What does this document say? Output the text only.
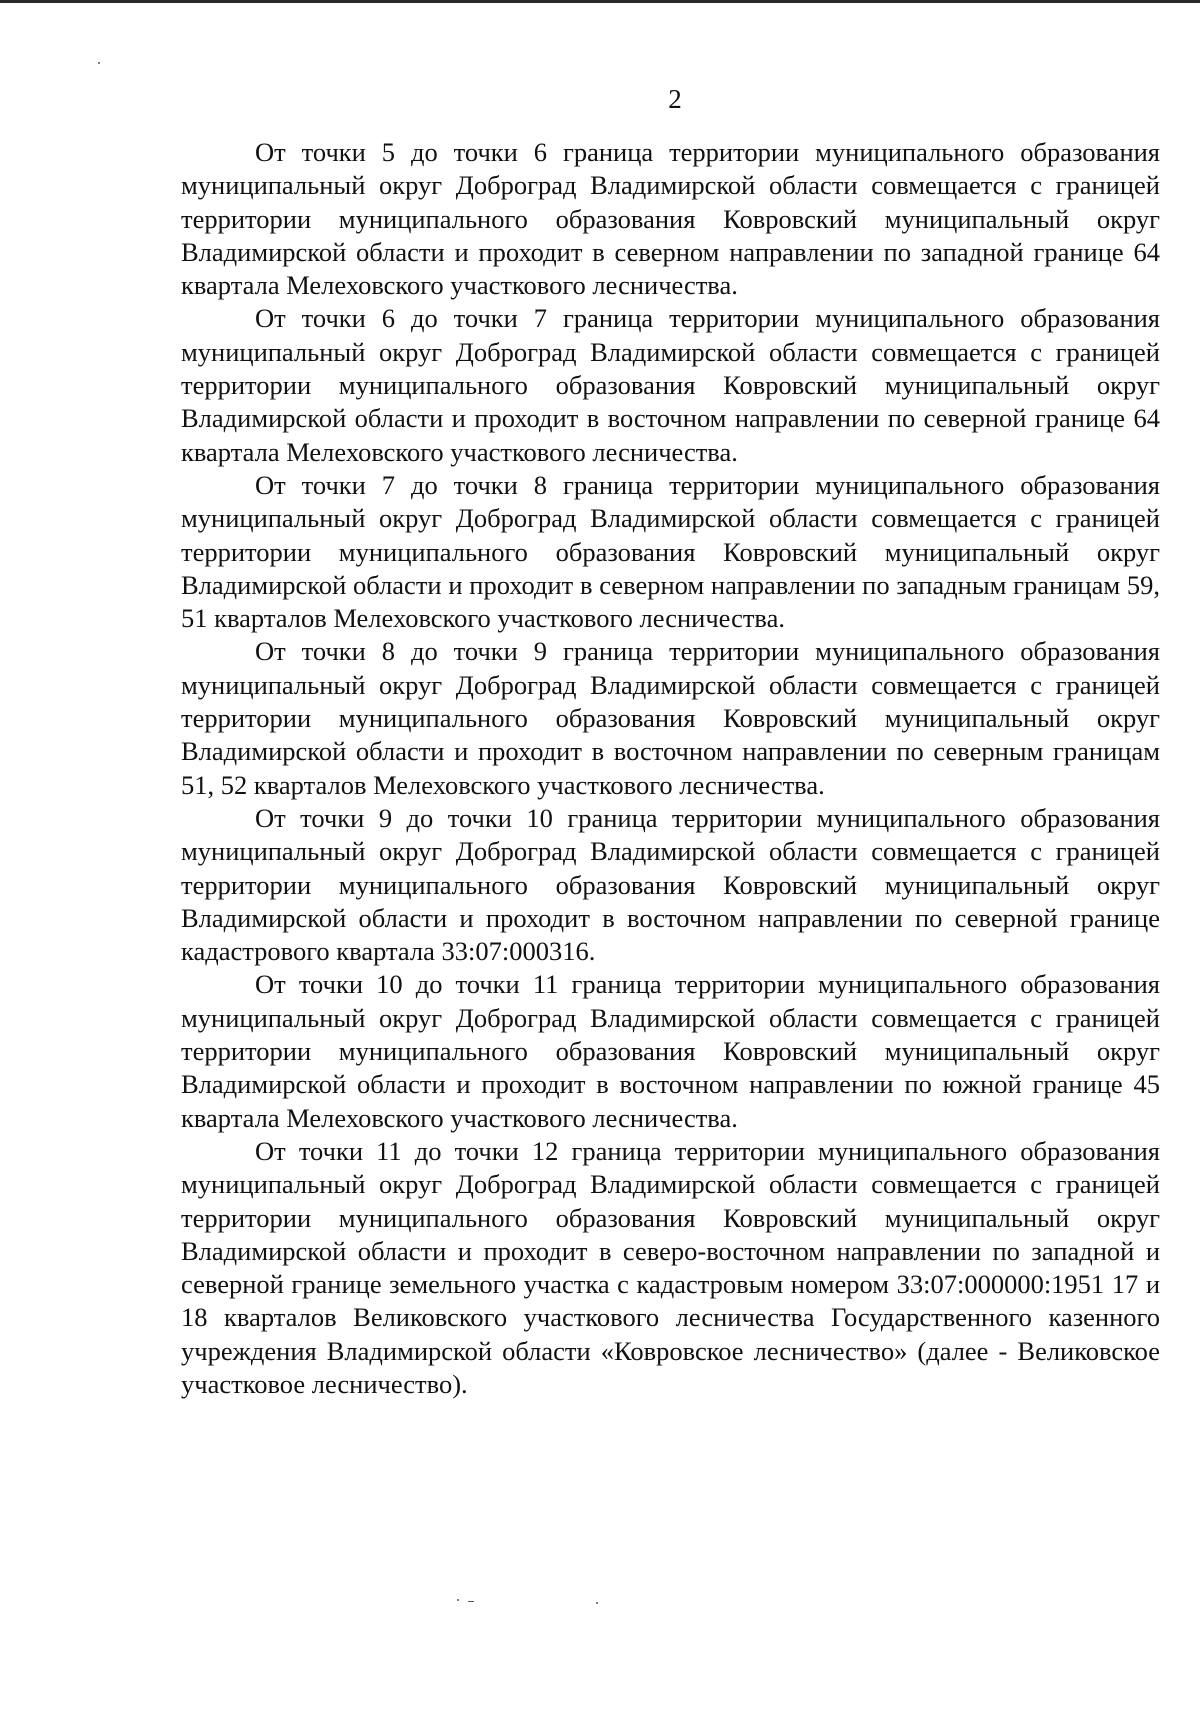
2

От точки 5 до точки 6 граница территории муниципального образования муниципальный округ Доброград Владимирской области совмещается с границей территории муниципального образования Ковровский муниципальный округ Владимирской области и проходит в северном направлении по западной границе 64 квартала Мелеховского участкового лесничества.

От точки 6 до точки 7 граница территории муниципального образования муниципальный округ Доброград Владимирской области совмещается с границей территории муниципального образования Ковровский муниципальный округ Владимирской области и проходит в восточном направлении по северной границе 64 квартала Мелеховского участкового лесничества.

От точки 7 до точки 8 граница территории муниципального образования муниципальный округ Доброград Владимирской области совмещается с границей территории муниципального образования Ковровский муниципальный округ Владимирской области и проходит в северном направлении по западным границам 59, 51 кварталов Мелеховского участкового лесничества.

От точки 8 до точки 9 граница территории муниципального образования муниципальный округ Доброград Владимирской области совмещается с границей территории муниципального образования Ковровский муниципальный округ Владимирской области и проходит в восточном направлении по северным границам 51, 52 кварталов Мелеховского участкового лесничества.

От точки 9 до точки 10 граница территории муниципального образования муниципальный округ Доброград Владимирской области совмещается с границей территории муниципального образования Ковровский муниципальный округ Владимирской области и проходит в восточном направлении по северной границе кадастрового квартала 33:07:000316.

От точки 10 до точки 11 граница территории муниципального образования муниципальный округ Доброград Владимирской области совмещается с границей территории муниципального образования Ковровский муниципальный округ Владимирской области и проходит в восточном направлении по южной границе 45 квартала Мелеховского участкового лесничества.

От точки 11 до точки 12 граница территории муниципального образования муниципальный округ Доброград Владимирской области совмещается с границей территории муниципального образования Ковровский муниципальный округ Владимирской области и проходит в северо-восточном направлении по западной и северной границе земельного участка с кадастровым номером 33:07:000000:1951 17 и 18 кварталов Великовского участкового лесничества Государственного казенного учреждения Владимирской области «Ковровское лесничество» (далее - Великовское участковое лесничество).
